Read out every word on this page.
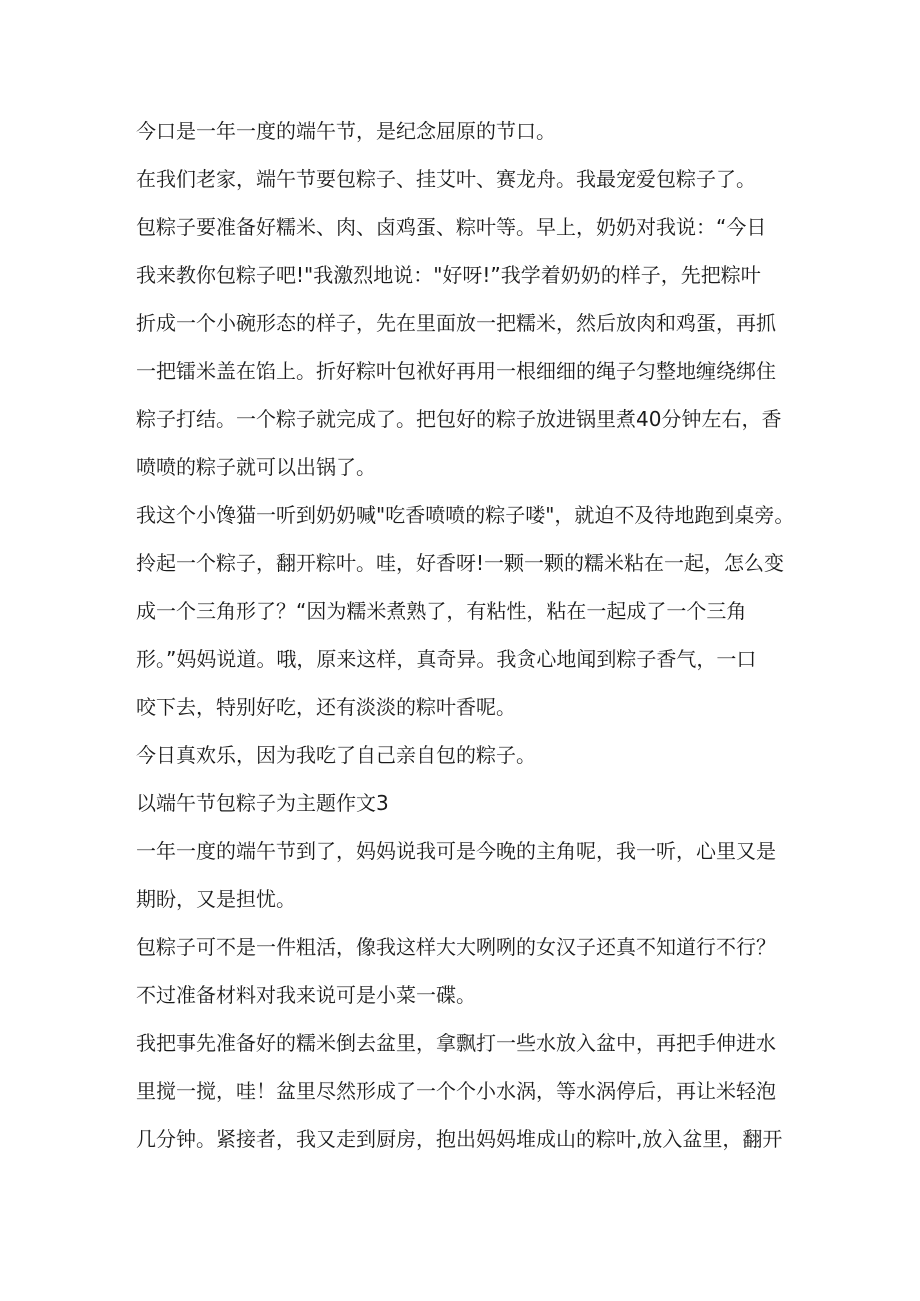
今口是一年一度的端午节，是纪念屈原的节口。

在我们老家，端午节要包粽子、挂艾叶、赛龙舟。我最宠爱包粽子了。

包粽子要准备好糯米、肉、卤鸡蛋、粽叶等。早上，奶奶对我说：“今日

我来教你包粽子吧!"我激烈地说："好呀!”我学着奶奶的样子，先把粽叶

折成一个小碗形态的样子，先在里面放一把糯米，然后放肉和鸡蛋，再抓

一把镭米盖在馅上。折好粽叶包袱好再用一根细细的绳子匀整地缠绕绑住

粽子打结。一个粽子就完成了。把包好的粽子放进锅里煮40分钟左右，香

喷喷的粽子就可以出锅了。

我这个小馋猫一听到奶奶喊"吃香喷喷的粽子喽"，就迫不及待地跑到桌旁。

拎起一个粽子，翻开粽叶。哇，好香呀!一颗一颗的糯米粘在一起，怎么变

成一个三角形了？“因为糯米煮熟了，有粘性，粘在一起成了一个三角

形。”妈妈说道。哦，原来这样，真奇异。我贪心地闻到粽子香气，一口

咬下去，特别好吃，还有淡淡的粽叶香呢。

今日真欢乐，因为我吃了自己亲自包的粽子。

以端午节包粽子为主题作文3

一年一度的端午节到了，妈妈说我可是今晚的主角呢，我一听，心里又是

期盼，又是担忧。

包粽子可不是一件粗活，像我这样大大咧咧的女汉子还真不知道行不行？

不过准备材料对我来说可是小菜一碟。

我把事先准备好的糯米倒去盆里，拿飘打一些水放入盆中，再把手伸进水

里搅一搅，哇！盆里尽然形成了一个个小水涡，等水涡停后，再让米轻泡

几分钟。紧接者，我又走到厨房，抱出妈妈堆成山的粽叶,放入盆里，翻开
